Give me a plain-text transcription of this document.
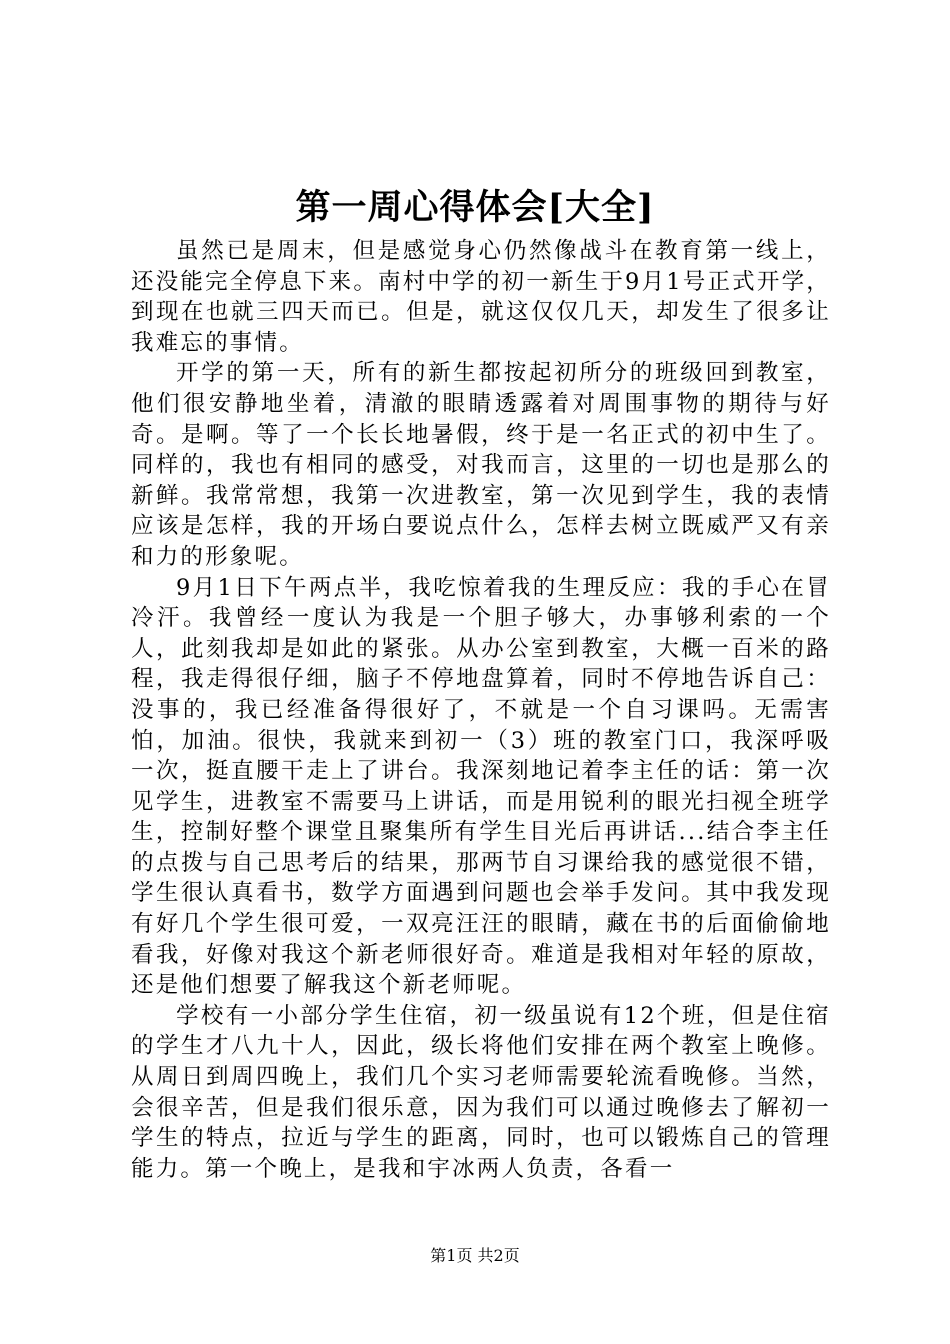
第一周心得体会[大全]

虽然已是周末，但是感觉身心仍然像战斗在教育第一线上，还没能完全停息下来。南村中学的初一新生于9月1号正式开学，到现在也就三四天而已。但是，就这仅仅几天，却发生了很多让我难忘的事情。

开学的第一天，所有的新生都按起初所分的班级回到教室，他们很安静地坐着，清澈的眼睛透露着对周围事物的期待与好奇。是啊。等了一个长长地暑假，终于是一名正式的初中生了。同样的，我也有相同的感受，对我而言，这里的一切也是那么的新鲜。我常常想，我第一次进教室，第一次见到学生，我的表情应该是怎样，我的开场白要说点什么，怎样去树立既威严又有亲和力的形象呢。

9月1日下午两点半，我吃惊着我的生理反应：我的手心在冒冷汗。我曾经一度认为我是一个胆子够大，办事够利索的一个人，此刻我却是如此的紧张。从办公室到教室，大概一百米的路程，我走得很仔细，脑子不停地盘算着，同时不停地告诉自己：没事的，我已经准备得很好了，不就是一个自习课吗。无需害怕，加油。很快，我就来到初一（3）班的教室门口，我深呼吸一次，挺直腰干走上了讲台。我深刻地记着李主任的话：第一次见学生，进教室不需要马上讲话，而是用锐利的眼光扫视全班学生，控制好整个课堂且聚集所有学生目光后再讲话...结合李主任的点拨与自己思考后的结果，那两节自习课给我的感觉很不错，学生很认真看书，数学方面遇到问题也会举手发问。其中我发现有好几个学生很可爱，一双亮汪汪的眼睛，藏在书的后面偷偷地看我，好像对我这个新老师很好奇。难道是我相对年轻的原故，还是他们想要了解我这个新老师呢。

学校有一小部分学生住宿，初一级虽说有12个班，但是住宿的学生才八九十人，因此，级长将他们安排在两个教室上晚修。从周日到周四晚上，我们几个实习老师需要轮流看晚修。当然，会很辛苦，但是我们很乐意，因为我们可以通过晚修去了解初一学生的特点，拉近与学生的距离，同时，也可以锻炼自己的管理能力。第一个晚上，是我和宇冰两人负责，各看一

第1页 共2页
